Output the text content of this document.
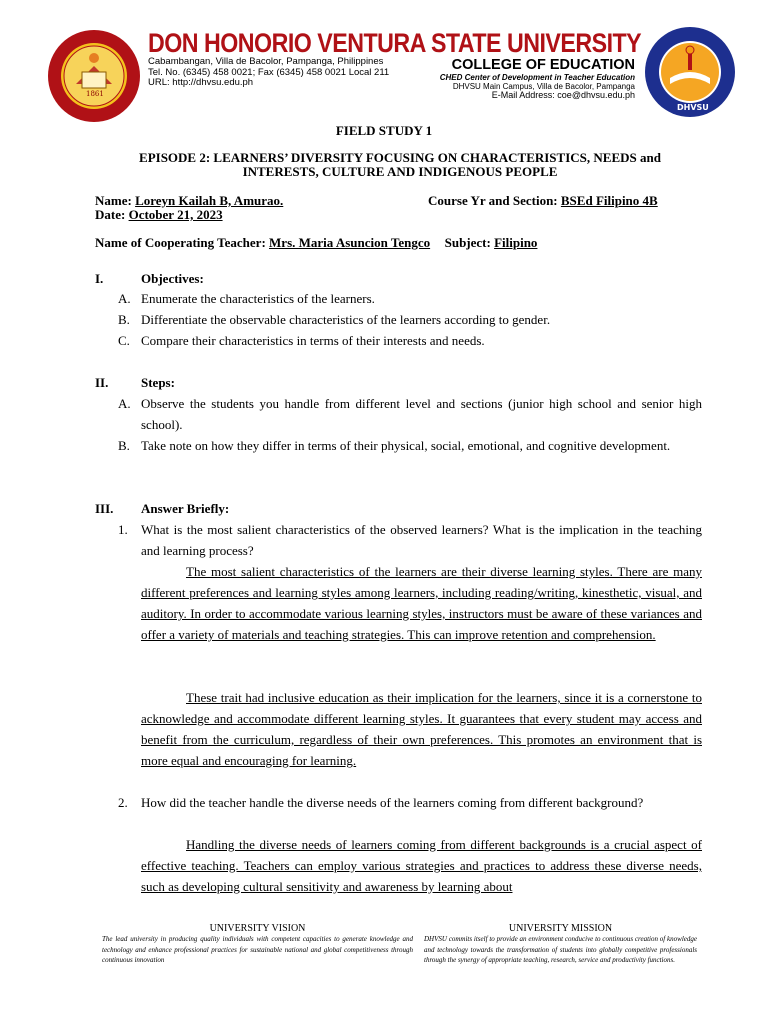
1861
DON HONORIO VENTURA STATE UNIVERSITY
Cabambangan, Villa de Bacolor, Pampanga, Philippines
Tel. No. (6345) 458 0021; Fax (6345) 458 0021 Local 211
URL: http://dhvsu.edu.ph
COLLEGE OF EDUCATION
CHED Center of Development in Teacher Education
DHVSU Main Campus, Villa de Bacolor, Pampanga
E-Mail Address: coe@dhvsu.edu.ph
DHVSU
FIELD STUDY 1
EPISODE 2: LEARNERS’ DIVERSITY FOCUSING ON CHARACTERISTICS, NEEDS and
INTERESTS, CULTURE AND INDIGENOUS PEOPLE
Name: Loreyn Kailah B, Amurao.	Course Yr and Section: BSEd Filipino 4B
Date: October 21, 2023
Name of Cooperating Teacher: Mrs. Maria Asuncion Tengco Subject: Filipino
I.	Objectives:
A. Enumerate the characteristics of the learners.
B. Differentiate the observable characteristics of the learners according to gender.
C. Compare their characteristics in terms of their interests and needs.
II.	Steps:
A. Observe the students you handle from different level and sections (junior high school and senior high school).
B. Take note on how they differ in terms of their physical, social, emotional, and cognitive development.
III. Answer Briefly:
1. What is the most salient characteristics of the observed learners? What is the implication in the teaching and learning process?
The most salient characteristics of the learners are their diverse learning styles. There are many different preferences and learning styles among learners, including reading/writing, kinesthetic, visual, and auditory. In order to accommodate various learning styles, instructors must be aware of these variances and offer a variety of materials and teaching strategies. This can improve retention and comprehension.
These trait had inclusive education as their implication for the learners, since it is a cornerstone to acknowledge and accommodate different learning styles. It guarantees that every student may access and benefit from the curriculum, regardless of their own preferences. This promotes an environment that is more equal and encouraging for learning.
2. How did the teacher handle the diverse needs of the learners coming from different background?
Handling the diverse needs of learners coming from different backgrounds is a crucial aspect of effective teaching. Teachers can employ various strategies and practices to address these diverse needs, such as developing cultural sensitivity and awareness by learning about
UNIVERSITY VISION
The lead university in producing quality individuals with competent capacities to generate knowledge and technology and enhance professional practices for sustainable national and global competitiveness through continuous innovation
UNIVERSITY MISSION
DHVSU commits itself to provide an environment conducive to continuous creation of knowledge and technology towards the transformation of students into globally competitive professionals through the synergy of appropriate teaching, research, service and productivity functions.
